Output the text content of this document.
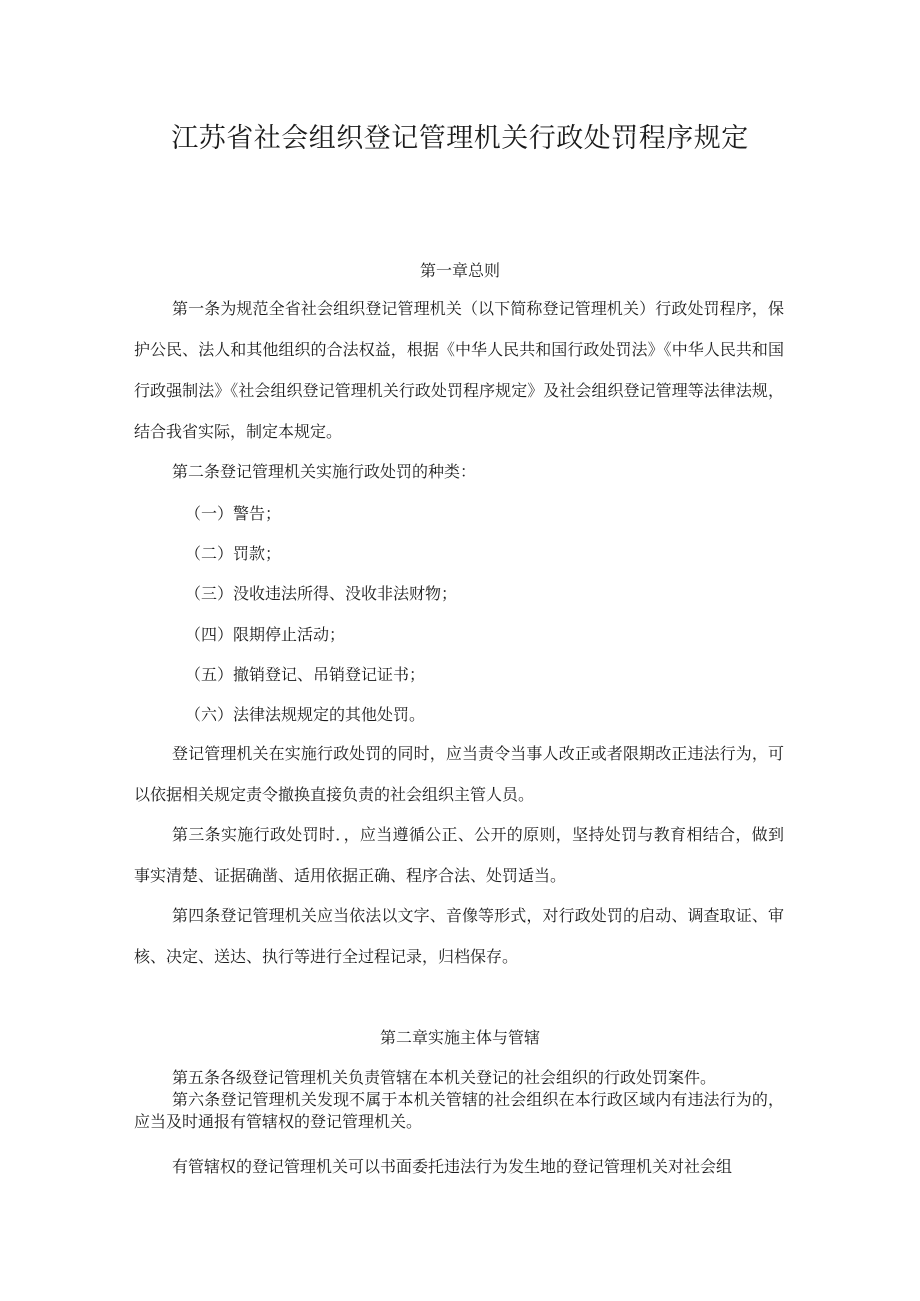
江苏省社会组织登记管理机关行政处罚程序规定
第一章总则

第一条为规范全省社会组织登记管理机关（以下简称登记管理机关）行政处罚程序，保护公民、法人和其他组织的合法权益，根据《中华人民共和国行政处罚法》《中华人民共和国行政强制法》《社会组织登记管理机关行政处罚程序规定》及社会组织登记管理等法律法规，结合我省实际，制定本规定。

第二条登记管理机关实施行政处罚的种类：

（一）警告；

（二）罚款；

（三）没收违法所得、没收非法财物；

（四）限期停止活动；

（五）撤销登记、吊销登记证书；

（六）法律法规规定的其他处罚。

登记管理机关在实施行政处罚的同时，应当责令当事人改正或者限期改正违法行为，可以依据相关规定责令撤换直接负责的社会组织主管人员。

第三条实施行政处罚时．，应当遵循公正、公开的原则，坚持处罚与教育相结合，做到事实清楚、证据确凿、适用依据正确、程序合法、处罚适当。

第四条登记管理机关应当依法以文字、音像等形式，对行政处罚的启动、调查取证、审核、决定、送达、执行等进行全过程记录，归档保存。

第二章实施主体与管辖

第五条各级登记管理机关负责管辖在本机关登记的社会组织的行政处罚案件。

第六条登记管理机关发现不属于本机关管辖的社会组织在本行政区域内有违法行为的，应当及时通报有管辖权的登记管理机关。

有管辖权的登记管理机关可以书面委托违法行为发生地的登记管理机关对社会组
